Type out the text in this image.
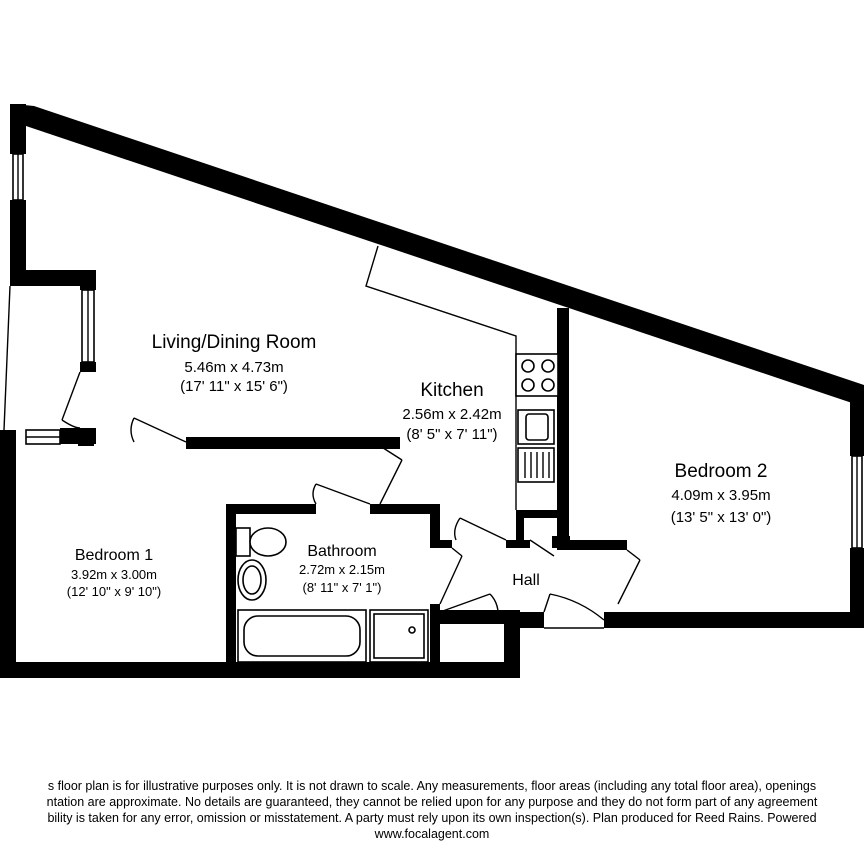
Living/Dining Room
5.46m x 4.73m
(17' 11" x 15' 6")	Kitchen
2.56m x 2.42m
(8' 5" x 7' 11")
Bedroom 2
4.09m x 3.95m
(13' 5" x 13' 0")
Bedroom 1
3.92m x 3.00m
(12' 10" x 9' 10")
Bathroom
2.72m x 2.15m
(8' 11" x 7' 1")	Hall
s floor plan is for illustrative purposes only. It is not drawn to scale. Any measurements, floor areas (including any total floor area), openings
ntation are approximate. No details are guaranteed, they cannot be relied upon for any purpose and they do not form part of any agreement
bility is taken for any error, omission or misstatement. A party must rely upon its own inspection(s). Plan produced for Reed Rains. Powered
www.focalagent.com
